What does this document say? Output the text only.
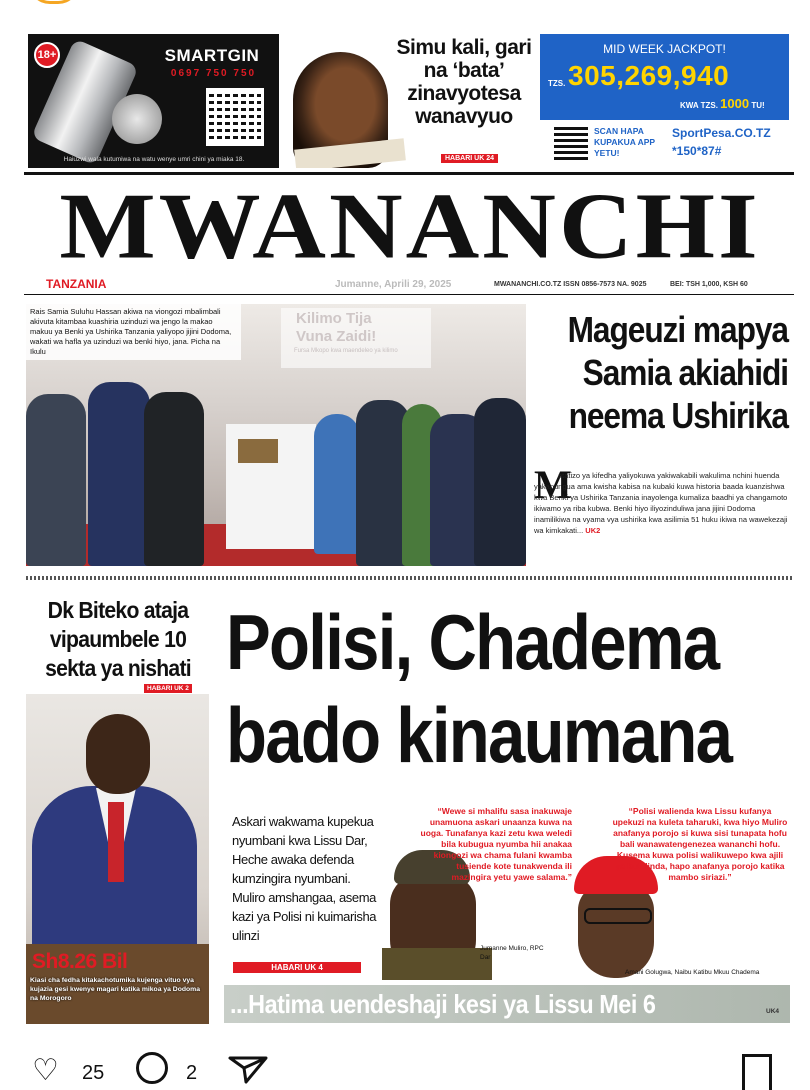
18+	SMARTGIN
0697 750 750
Haiuzwi wala kutumiwa na watu wenye umri chini ya miaka 18.
Simu kali, gari na ‘bata’ zinavyotesa wanavyuo
HABARI UK 24
MID WEEK JACKPOT!
TZS. 305,269,940
KWA TZS. 1000 TU!
SCAN HAPA KUPAKUA APP YETU!
SportPesa.CO.TZ
*150*87#
MWANANCHI
TANZANIA	Jumanne, Aprili 29, 2025	MWANANCHI.CO.TZ ISSN 0856-7573 NA. 9025	BEI: TSH 1,000, KSH 60
Kilimo Tija
Vuna Zaidi!
Fursa Mkopo kwa maendeleo ya kilimo
Rais Samia Suluhu Hassan akiwa na viongozi mbalimbali akivuta kitambaa kuashiria uzinduzi wa jengo la makao makuu ya Benki ya Ushirika Tanzania yaliyopo jijini Dodoma, wakati wa hafla ya uzinduzi wa benki hiyo, jana. Picha na Ikulu
Mageuzi mapya Samia akiahidi neema Ushirika
M
atatizo ya kifedha yaliyokuwa yakiwakabili wakulima nchini huenda yakapungua ama kwisha kabisa na kubaki kuwa historia baada kuanzishwa kwa Benki ya Ushirika Tanzania inayolenga kumaliza baadhi ya changamoto ikiwamo ya riba kubwa. Benki hiyo iliyozinduliwa jana jijini Dodoma inamilikiwa na vyama vya ushirika kwa asilimia 51 huku ikiwa na wawekezaji wa kimkakati... UK2
Dk Biteko ataja vipaumbele 10 sekta ya nishati
HABARI UK 2
Sh8.26 Bil
Kiasi cha fedha kitakachotumika kujenga vituo vya kujazia gesi kwenye magari katika mikoa ya Dodoma na Morogoro
Polisi, Chadema
bado kinaumana
Askari wakwama kupekua nyumbani kwa Lissu Dar, Heche awaka defenda kumzingira nyumbani. Muliro amshangaa, asema kazi ya Polisi ni kuimarisha ulinzi
HABARI UK 4
“Wewe si mhalifu sasa inakuwaje unamuona askari unaanza kuwa na uoga. Tunafanya kazi zetu kwa weledi bila kubugua nyumba hii anakaa kiongozi wa chama fulani kwamba tusiende kote tunakwenda ili mazingira yetu yawe salama.”
Jumanne Muliro, RPC Dar
“Polisi walienda kwa Lissu kufanya upekuzi na kuleta taharuki, kwa hiyo Muliro anafanya porojo si kuwa sisi tunapata hofu bali wanawatengenezea wananchi hofu. Kusema kuwa polisi walikuwepo kwa ajili ya kutulinda, hapo anafanya porojo katika mambo siriazi.”
Amani Golugwa, Naibu Katibu Mkuu Chadema
...Hatima uendeshaji kesi ya Lissu Mei 6	UK4
♡ 25	2
